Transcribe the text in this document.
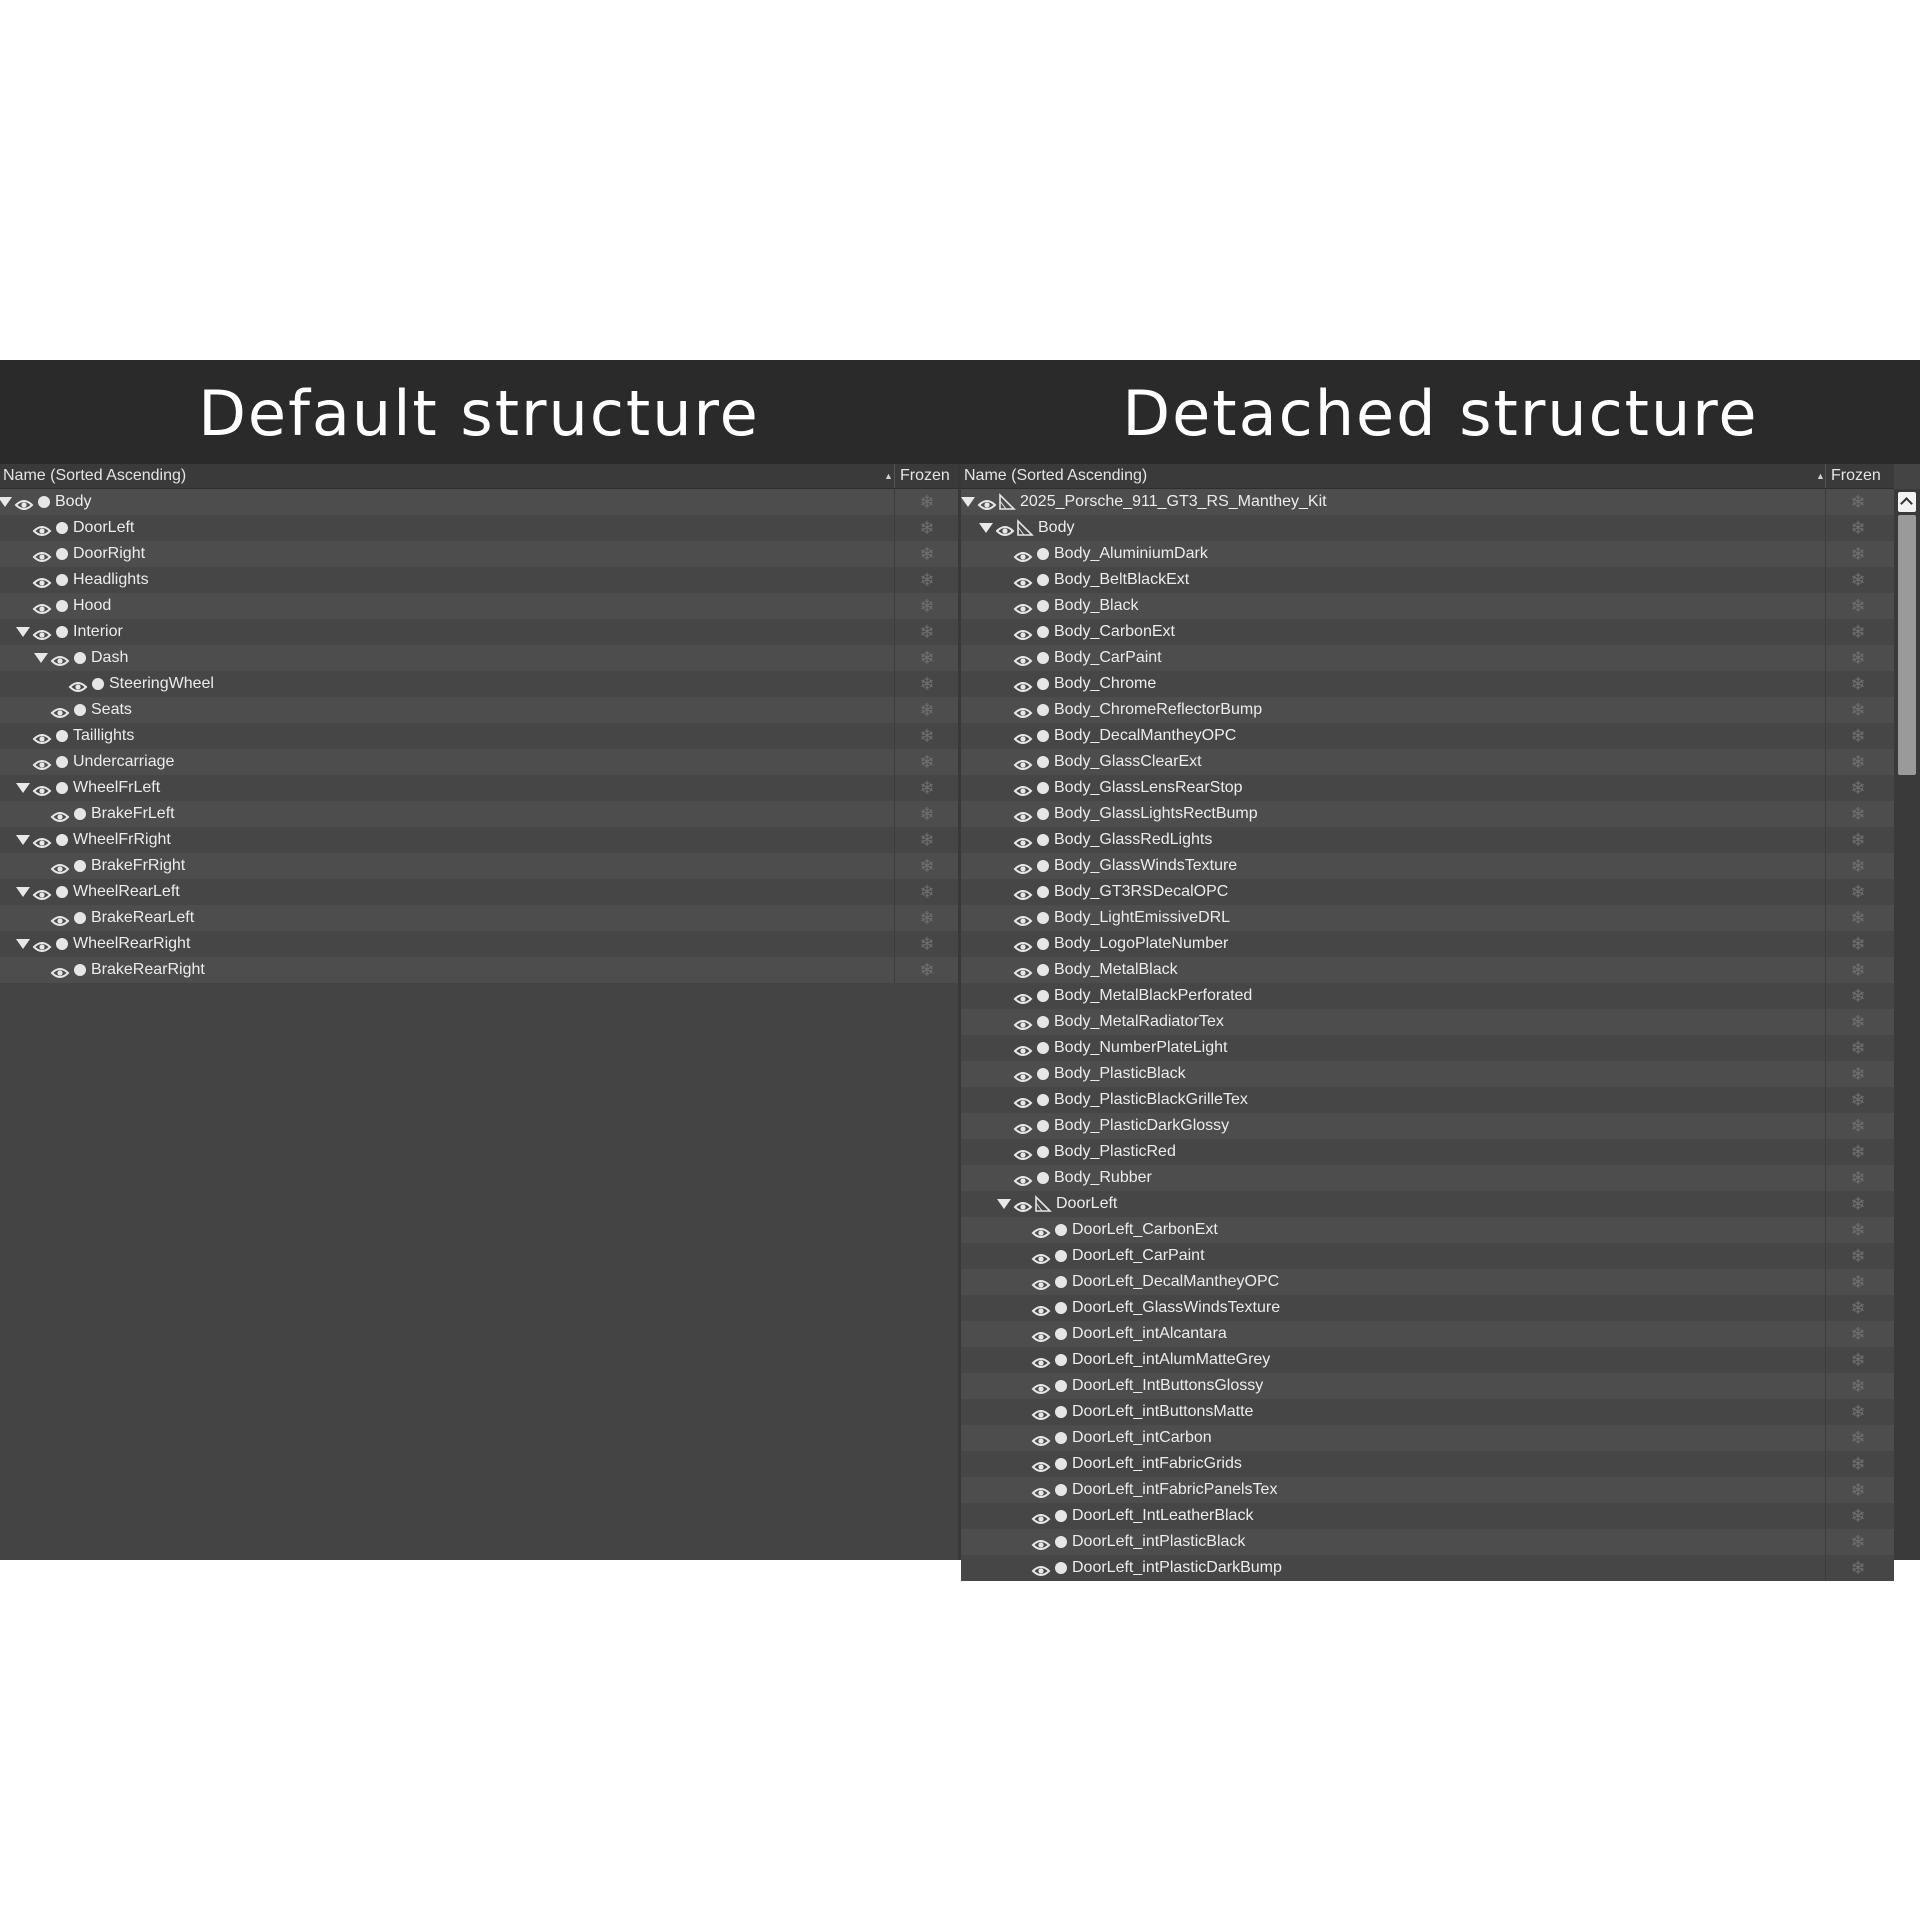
Default structure	Detached structure
Name (Sorted Ascending)	▲ Frozen
Body	❄
DoorLeft	❄
DoorRight	❄
Headlights	❄
Hood	❄
Interior	❄
Dash	❄
SteeringWheel	❄
Seats	❄
Taillights	❄
Undercarriage	❄
WheelFrLeft	❄
BrakeFrLeft	❄
WheelFrRight	❄
BrakeFrRight	❄
WheelRearLeft	❄
BrakeRearLeft	❄
WheelRearRight	❄
BrakeRearRight	❄
Name (Sorted Ascending)	▲ Frozen
2025_Porsche_911_GT3_RS_Manthey_Kit	❄
Body	❄
Body_AluminiumDark	❄
Body_BeltBlackExt	❄
Body_Black	❄
Body_CarbonExt	❄
Body_CarPaint	❄
Body_Chrome	❄
Body_ChromeReflectorBump	❄
Body_DecalMantheyOPC	❄
Body_GlassClearExt	❄
Body_GlassLensRearStop	❄
Body_GlassLightsRectBump	❄
Body_GlassRedLights	❄
Body_GlassWindsTexture	❄
Body_GT3RSDecalOPC	❄
Body_LightEmissiveDRL	❄
Body_LogoPlateNumber	❄
Body_MetalBlack	❄
Body_MetalBlackPerforated	❄
Body_MetalRadiatorTex	❄
Body_NumberPlateLight	❄
Body_PlasticBlack	❄
Body_PlasticBlackGrilleTex	❄
Body_PlasticDarkGlossy	❄
Body_PlasticRed	❄
Body_Rubber	❄
DoorLeft	❄
DoorLeft_CarbonExt	❄
DoorLeft_CarPaint	❄
DoorLeft_DecalMantheyOPC	❄
DoorLeft_GlassWindsTexture	❄
DoorLeft_intAlcantara	❄
DoorLeft_intAlumMatteGrey	❄
DoorLeft_IntButtonsGlossy	❄
DoorLeft_intButtonsMatte	❄
DoorLeft_intCarbon	❄
DoorLeft_intFabricGrids	❄
DoorLeft_intFabricPanelsTex	❄
DoorLeft_IntLeatherBlack	❄
DoorLeft_intPlasticBlack	❄
DoorLeft_intPlasticDarkBump	❄
